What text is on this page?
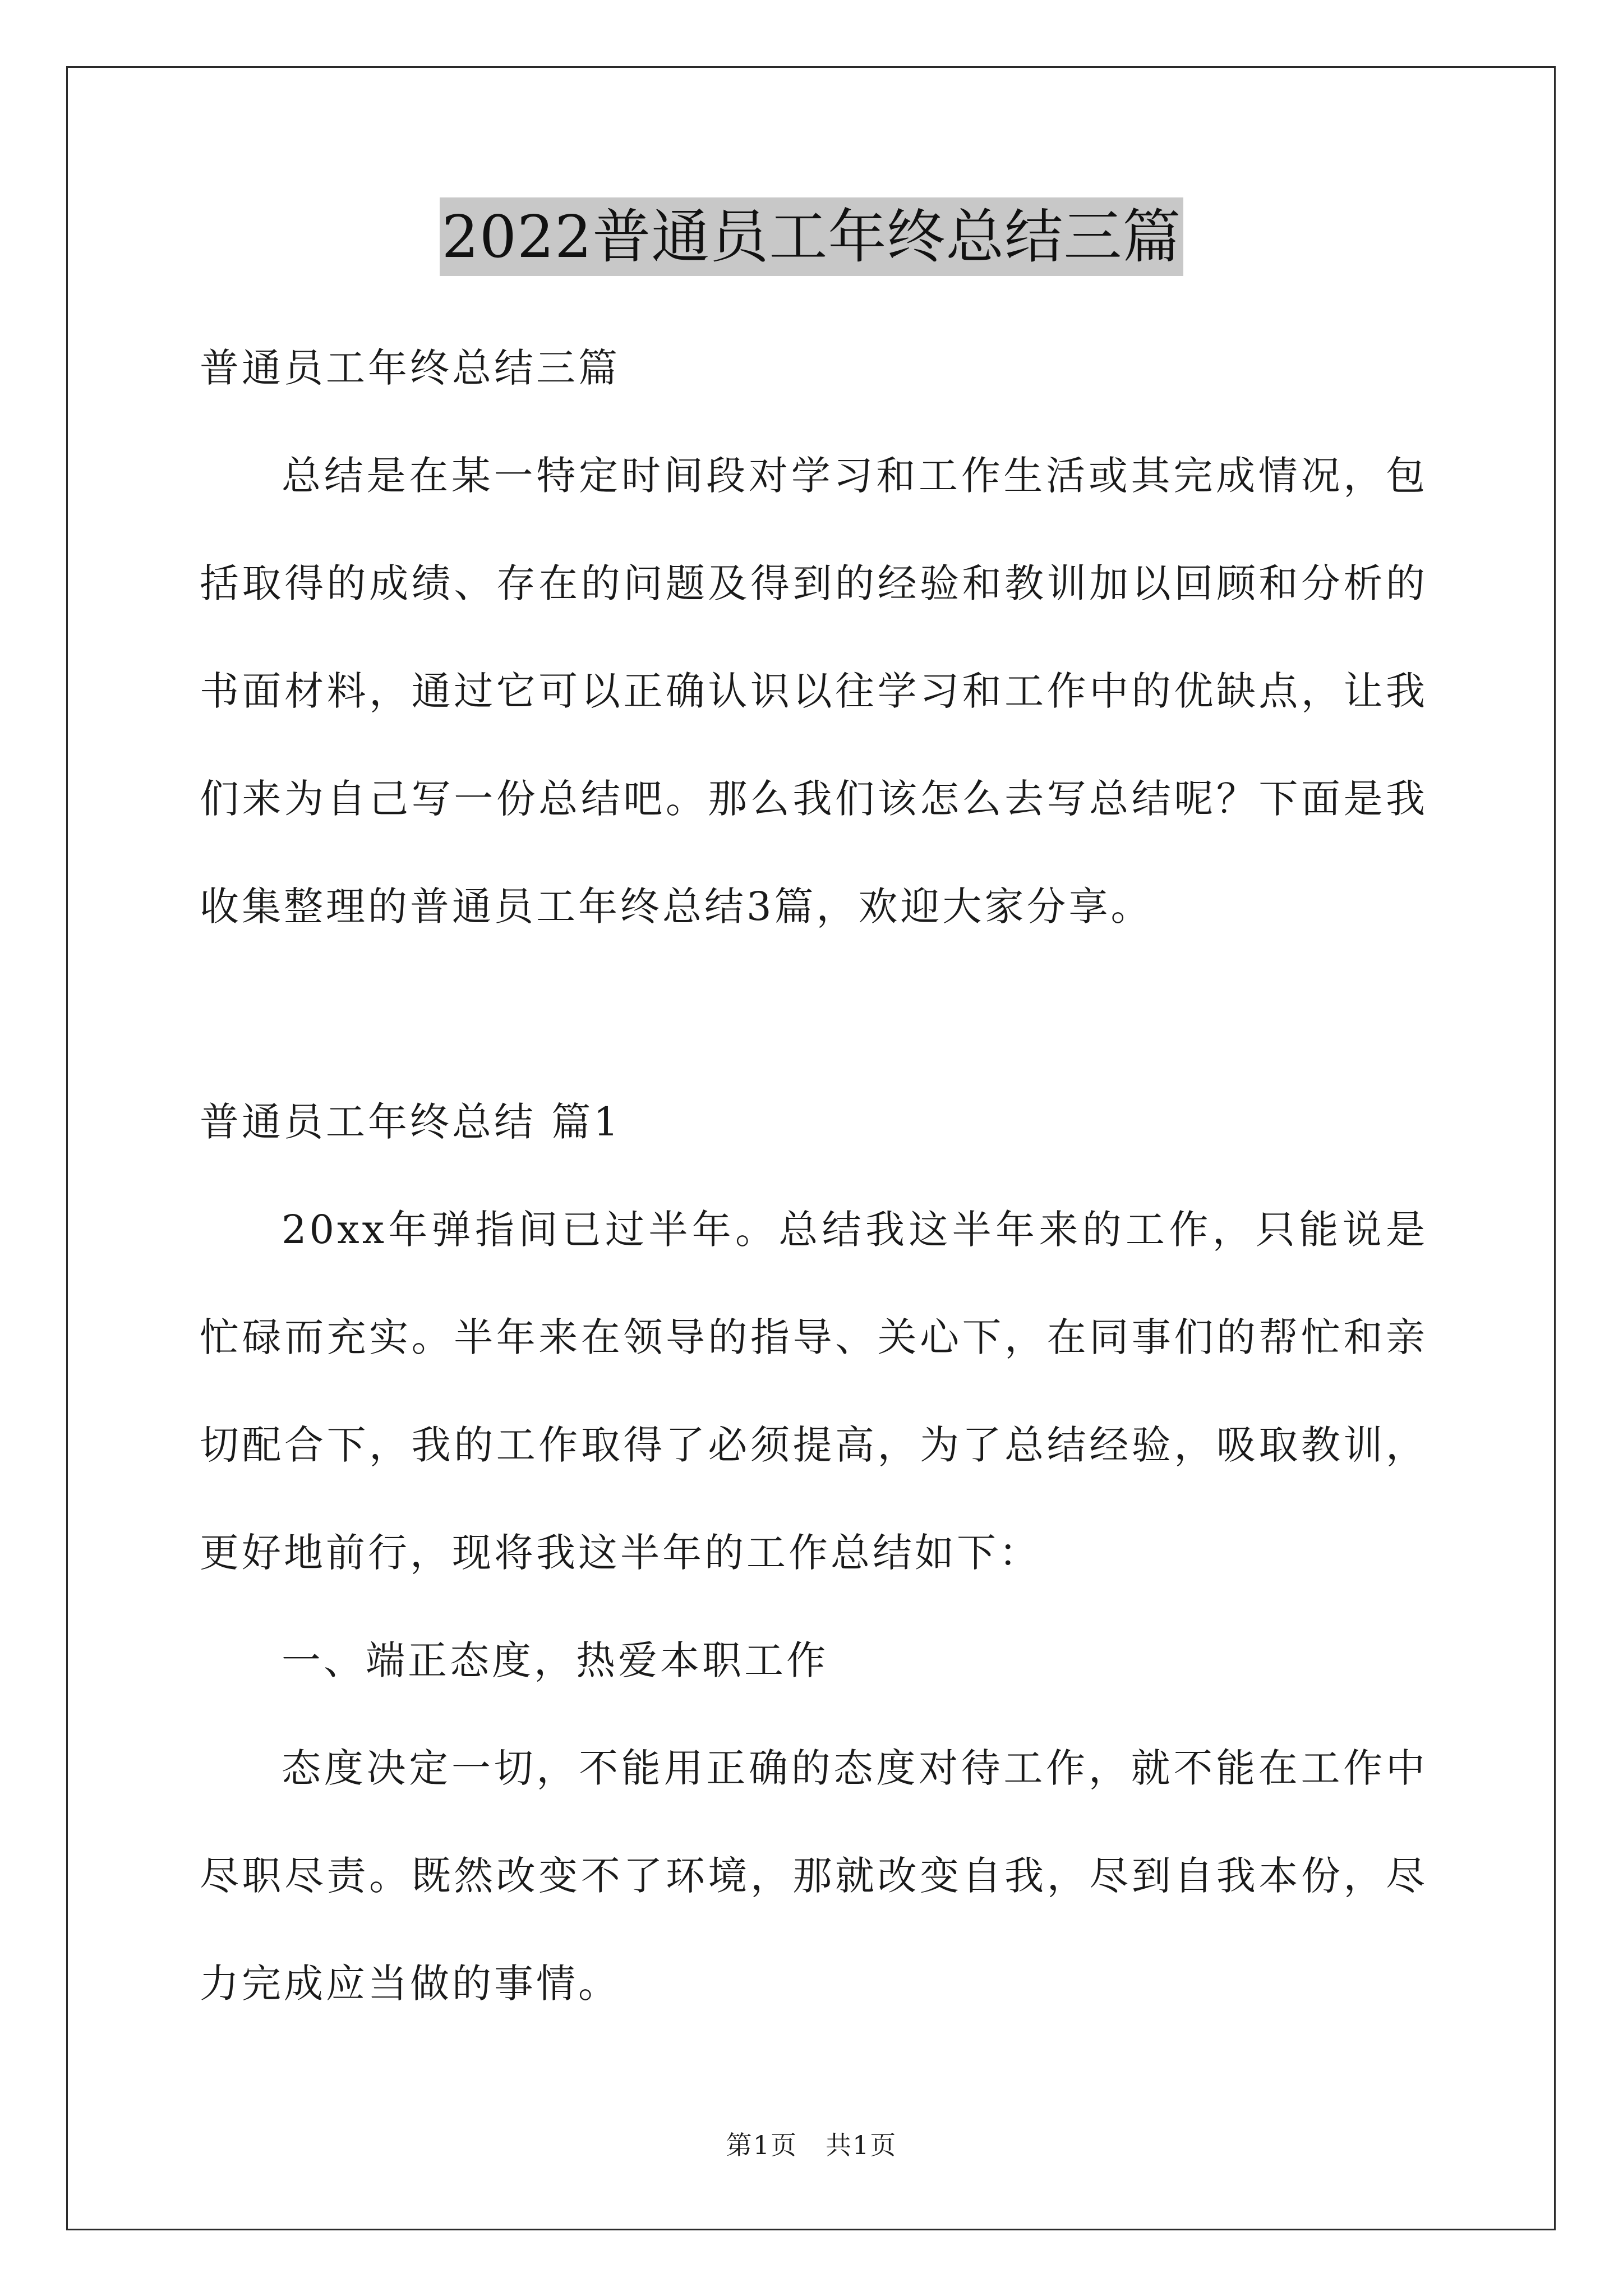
2022普通员工年终总结三篇

普通员工年终总结三篇

总结是在某一特定时间段对学习和工作生活或其完成情况，包括取得的成绩、存在的问题及得到的经验和教训加以回顾和分析的书面材料，通过它可以正确认识以往学习和工作中的优缺点，让我们来为自己写一份总结吧。那么我们该怎么去写总结呢？下面是我收集整理的普通员工年终总结3篇，欢迎大家分享。

普通员工年终总结 篇1

20xx年弹指间已过半年。总结我这半年来的工作，只能说是忙碌而充实。半年来在领导的指导、关心下，在同事们的帮忙和亲切配合下，我的工作取得了必须提高，为了总结经验，吸取教训，更好地前行，现将我这半年的工作总结如下：

一、端正态度，热爱本职工作

态度决定一切，不能用正确的态度对待工作，就不能在工作中尽职尽责。既然改变不了环境，那就改变自我，尽到自我本份，尽力完成应当做的事情。

第1页 共1页
